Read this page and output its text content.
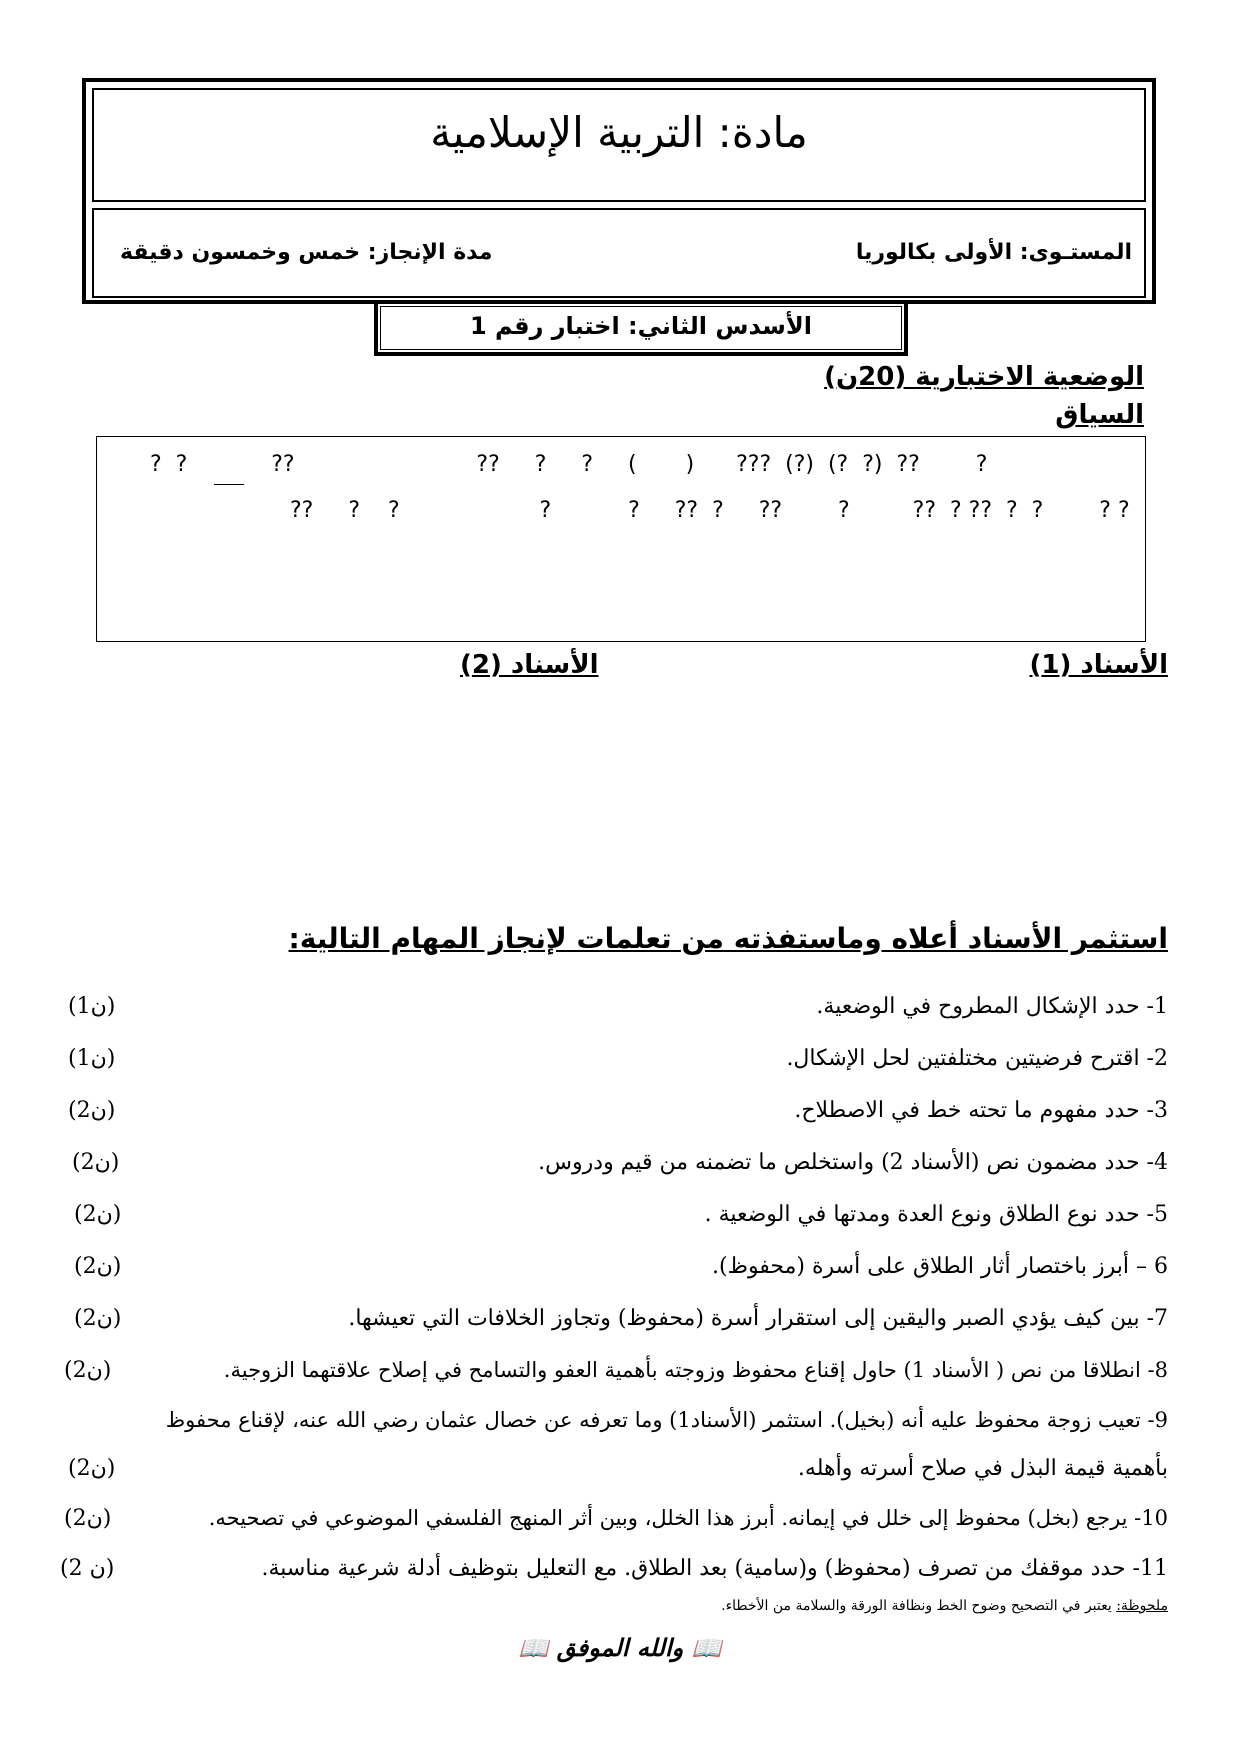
مادة: التربية الإسلامية
المستـوى: الأولى بكالوريا
مدة الإنجاز: خمس وخمسون دقيقة
الأسدس الثاني: اختبار رقم 1
الوضعية الاختبارية (20ن)
السياق
?  ?            ??                          ??     ?     ?     (       )      ???  (?)  (?  ?)  ??        ?
??     ?    ?                    ?           ?     ??  ?     ??        ?         ??  ? ??  ?  ?        ? ?
الأسناد (1)
الأسناد (2)
استثمر الأسناد أعلاه وماستفذته من تعلمات لإنجاز المهام التالية:
1- حدد الإشكال المطروح في الوضعية.
(1ن)
2- اقترح فرضيتين مختلفتين لحل الإشكال.
(1ن)
3- حدد مفهوم ما تحته خط في الاصطلاح.
(2ن)
4- حدد مضمون نص (الأسناد 2) واستخلص ما تضمنه من قيم ودروس.
(2ن)
5- حدد نوع الطلاق ونوع العدة ومدتها في الوضعية .
(2ن)
6 – أبرز باختصار أثار الطلاق على أسرة (محفوظ).
(2ن)
7- بين كيف يؤدي الصبر واليقين إلى استقرار أسرة (محفوظ) وتجاوز الخلافات التي تعيشها.
(2ن)
8- انطلاقا من نص ( الأسناد 1) حاول إقناع محفوظ وزوجته بأهمية العفو والتسامح في إصلاح علاقتهما الزوجية.
(2ن)
9- تعيب زوجة محفوظ عليه أنه (بخيل). استثمر (الأسناد1) وما تعرفه عن خصال عثمان رضي الله عنه، لإقناع محفوظ
بأهمية قيمة البذل في صلاح أسرته وأهله.
(2ن)
10- يرجع (بخل) محفوظ إلى خلل في إيمانه. أبرز هذا الخلل، وبين أثر المنهج الفلسفي الموضوعي في تصحيحه.
(2ن)
11- حدد موقفك من تصرف (محفوظ) و(سامية) بعد الطلاق. مع التعليل بتوظيف أدلة شرعية مناسبة.
(2 ن)
ملحوظة: يعتبر في التصحيح وضوح الخط ونظافة الورقة والسلامة من الأخطاء.
📖 والله الموفق 📖
